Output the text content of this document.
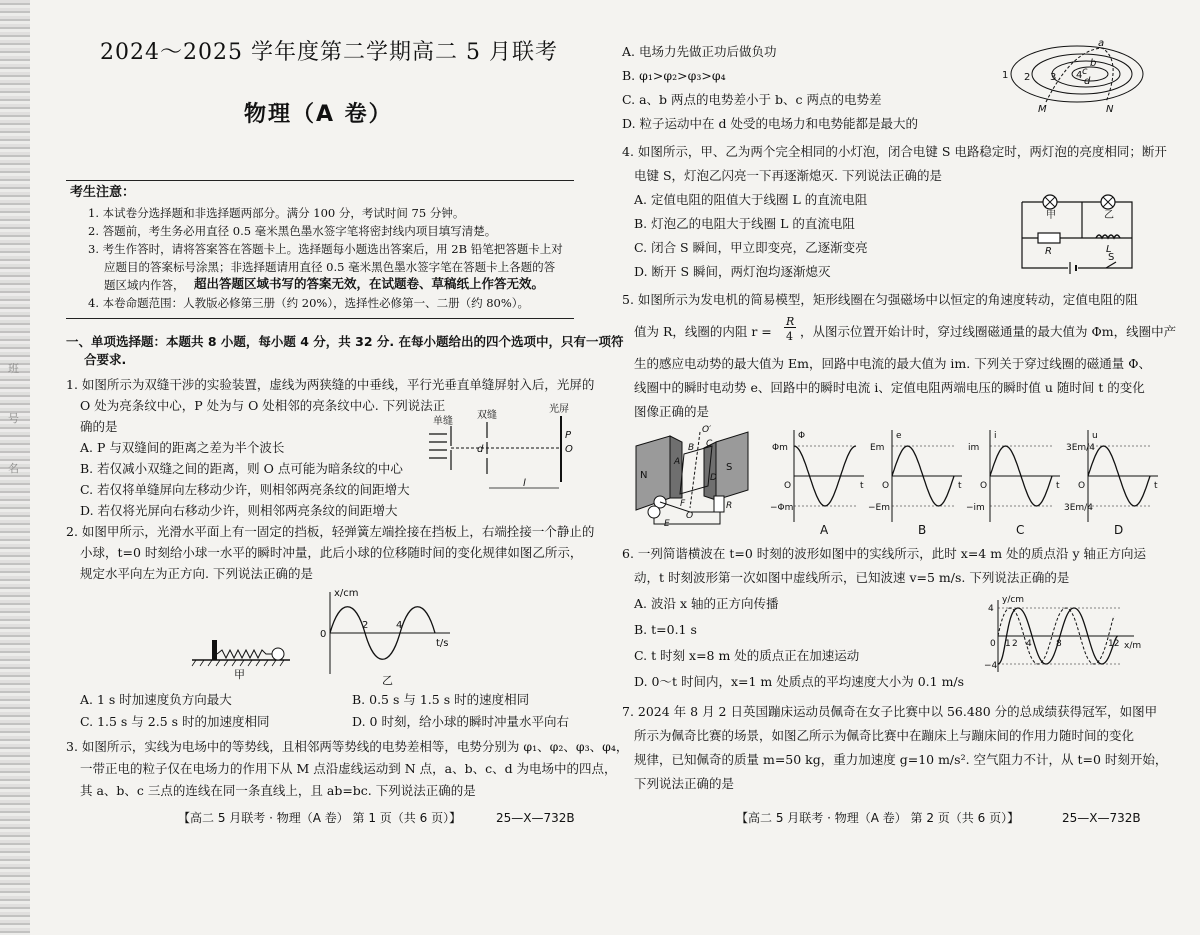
班
号
名
2024～2025 学年度第二学期高二 5 月联考
物理（A 卷）
考生注意：
1. 本试卷分选择题和非选择题两部分。满分 100 分，考试时间 75 分钟。
2. 答题前，考生务必用直径 0.5 毫米黑色墨水签字笔将密封线内项目填写清楚。
3. 考生作答时，请将答案答在答题卡上。选择题每小题选出答案后，用 2B 铅笔把答题卡上对
应题目的答案标号涂黑；非选择题请用直径 0.5 毫米黑色墨水签字笔在答题卡上各题的答
题区域内作答， 超出答题区域书写的答案无效，在试题卷、草稿纸上作答无效。
4. 本卷命题范围：人教版必修第三册（约 20%），选择性必修第一、二册（约 80%）。
一、单项选择题：本题共 8 小题，每小题 4 分，共 32 分. 在每小题给出的四个选项中，只有一项符
合要求.
1. 如图所示为双缝干涉的实验装置，虚线为两狭缝的中垂线，平行光垂直单缝屏射入后，光屏的
O 处为亮条纹中心，P 处为与 O 处相邻的亮条纹中心. 下列说法正
确的是
A. P 与双缝间的距离之差为半个波长
B. 若仅减小双缝之间的距离，则 O 点可能为暗条纹的中心
C. 若仅将单缝屏向左移动少许，则相邻两亮条纹的间距增大
D. 若仅将光屏向右移动少许，则相邻两亮条纹的间距增大
单缝
双缝
光屏
d
P
O
l
2. 如图甲所示，光滑水平面上有一固定的挡板，轻弹簧左端拴接在挡板上，右端拴接一个静止的
小球，t=0 时刻给小球一水平的瞬时冲量，此后小球的位移随时间的变化规律如图乙所示，
规定水平向左为正方向. 下列说法正确的是
甲
x/cm
t/s
0
2	4
乙
A. 1 s 时加速度负方向最大	B. 0.5 s 与 1.5 s 时的速度相同
C. 1.5 s 与 2.5 s 时的加速度相同	D. 0 时刻，给小球的瞬时冲量水平向右
3. 如图所示，实线为电场中的等势线，且相邻两等势线的电势差相等，电势分别为 φ₁、φ₂、φ₃、φ₄，
一带正电的粒子仅在电场力的作用下从 M 点沿虚线运动到 N 点，a、b、c、d 为电场中的四点，
其 a、b、c 三点的连线在同一条直线上，且 ab=bc. 下列说法正确的是
【高二 5 月联考 · 物理（A 卷） 第 1 页（共 6 页）】	25—X—732B
A. 电场力先做正功后做负功
B. φ₁>φ₂>φ₃>φ₄
C. a、b 两点的电势差小于 b、c 两点的电势差
D. 粒子运动中在 d 处受的电场力和电势能都是最大的
1 2 3 4
a
b
c
d
M	N
4. 如图所示，甲、乙为两个完全相同的小灯泡，闭合电键 S 电路稳定时，两灯泡的亮度相同；断开
电键 S，灯泡乙闪亮一下再逐渐熄灭. 下列说法正确的是
A. 定值电阻的阻值大于线圈 L 的直流电阻
B. 灯泡乙的电阻大于线圈 L 的直流电阻
C. 闭合 S 瞬间，甲立即变亮，乙逐渐变亮
D. 断开 S 瞬间，两灯泡均逐渐熄灭
甲	乙
R	L
S
5. 如图所示为发电机的简易模型，矩形线圈在匀强磁场中以恒定的角速度转动，定值电阻的阻
值为 R，线圈的内阻 r =
R
4 ，从图示位置开始计时，穿过线圈磁通量的最大值为 Φm，线圈中产
生的感应电动势的最大值为 Em，回路中电流的最大值为 im. 下列关于穿过线圈的磁通量 Φ、
线圈中的瞬时电动势 e、回路中的瞬时电流 i、定值电阻两端电压的瞬时值 u 随时间 t 的变化
图像正确的是
N
S
A
B C
D
E
F	R
O
O′
Φ
Φm
−Φm
t
O
A
e
Em
−Em
t
O
B
i
im
−im
t
O
C
u
3Em/4
3Em/4
t
O
D
6. 一列简谐横波在 t=0 时刻的波形如图中的实线所示，此时 x=4 m 处的质点沿 y 轴正方向运
动，t 时刻波形第一次如图中虚线所示，已知波速 v=5 m/s. 下列说法正确的是
A. 波沿 x 轴的正方向传播
B. t=0.1 s
C. t 时刻 x=8 m 处的质点正在加速运动
D. 0～t 时间内，x=1 m 处质点的平均速度大小为 0.1 m/s
y/cm
x/m
4
−4
0 1 2 4	8	12
7. 2024 年 8 月 2 日英国蹦床运动员佩奇在女子比赛中以 56.480 分的总成绩获得冠军，如图甲
所示为佩奇比赛的场景，如图乙所示为佩奇比赛中在蹦床上与蹦床间的作用力随时间的变化
规律，已知佩奇的质量 m=50 kg，重力加速度 g=10 m/s². 空气阻力不计，从 t=0 时刻开始，
下列说法正确的是
【高二 5 月联考 · 物理（A 卷） 第 2 页（共 6 页）】	25—X—732B
